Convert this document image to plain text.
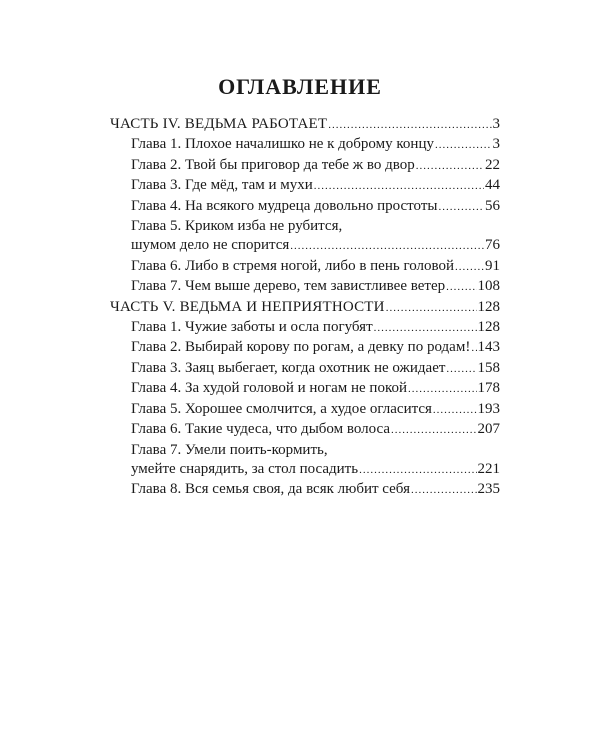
ОГЛАВЛЕНИЕ
ЧАСТЬ IV. ВЕДЬМА РАБОТАЕТ .....	3
Глава 1. Плохое началишко не к доброму концу .....	3
Глава 2. Твой бы приговор да тебе ж во двор .....	22
Глава 3. Где мёд, там и мухи .....	44
Глава 4. На всякого мудреца довольно простоты .....	56
Глава 5. Криком изба не рубится,
шумом дело не спорится .....	76
Глава 6. Либо в стремя ногой, либо в пень головой ..... 91
Глава 7. Чем выше дерево, тем завистливее ветер ..... 108
ЧАСТЬ V. ВЕДЬМА И НЕПРИЯТНОСТИ .....	128
Глава 1. Чужие заботы и осла погубят .....	128
Глава 2. Выбирай корову по рогам, а девку по родам! ..... 143
Глава 3. Заяц выбегает, когда охотник не ожидает ..... 158
Глава 4. За худой головой и ногам не покой .....	178
Глава 5. Хорошее смолчится, а худое огласится .....	193
Глава 6. Такие чудеса, что дыбом волоса .....	207
Глава 7. Умели поить-кормить,
умейте снарядить, за стол посадить .....	221
Глава 8. Вся семья своя, да всяк любит себя .....	235
